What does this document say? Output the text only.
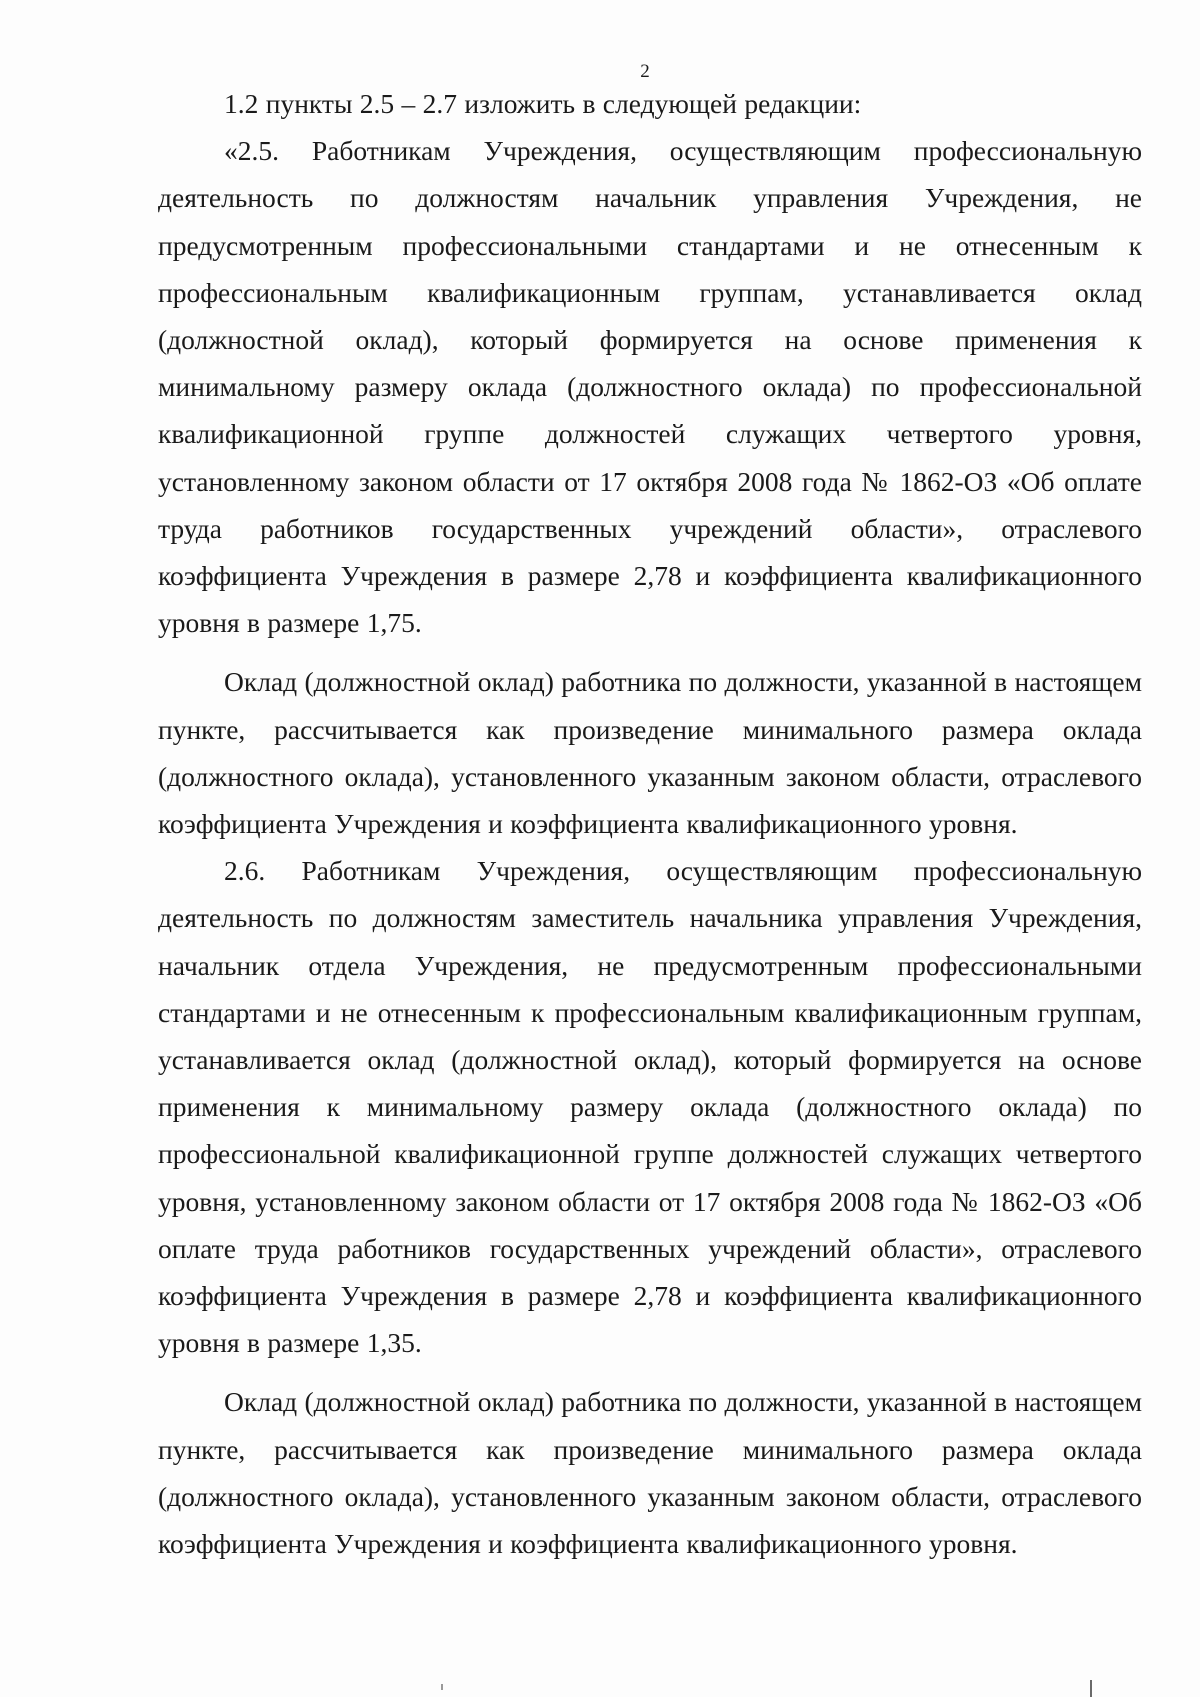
2

1.2 пункты 2.5 – 2.7 изложить в следующей редакции:

«2.5. Работникам Учреждения, осуществляющим профессиональную деятельность по должностям начальник управления Учреждения, не предусмотренным профессиональными стандартами и не отнесенным к профессиональным квалификационным группам, устанавливается оклад (должностной оклад), который формируется на основе применения к минимальному размеру оклада (должностного оклада) по профессиональной квалификационной группе должностей служащих четвертого уровня, установленному законом области от 17 октября 2008 года № 1862-ОЗ «Об оплате труда работников государственных учреждений области», отраслевого коэффициента Учреждения в размере 2,78 и коэффициента квалификационного уровня в размере 1,75.

Оклад (должностной оклад) работника по должности, указанной в настоящем пункте, рассчитывается как произведение минимального размера оклада (должностного оклада), установленного указанным законом области, отраслевого коэффициента Учреждения и коэффициента квалификационного уровня.

2.6. Работникам Учреждения, осуществляющим профессиональную деятельность по должностям заместитель начальника управления Учреждения, начальник отдела Учреждения, не предусмотренным профессиональными стандартами и не отнесенным к профессиональным квалификационным группам, устанавливается оклад (должностной оклад), который формируется на основе применения к минимальному размеру оклада (должностного оклада) по профессиональной квалификационной группе должностей служащих четвертого уровня, установленному законом области от 17 октября 2008 года № 1862-ОЗ «Об оплате труда работников государственных учреждений области», отраслевого коэффициента Учреждения в размере 2,78 и коэффициента квалификационного уровня в размере 1,35.

Оклад (должностной оклад) работника по должности, указанной в настоящем пункте, рассчитывается как произведение минимального размера оклада (должностного оклада), установленного указанным законом области, отраслевого коэффициента Учреждения и коэффициента квалификационного уровня.
